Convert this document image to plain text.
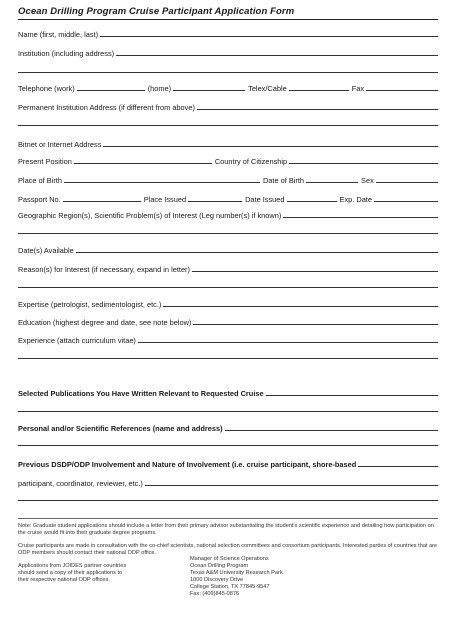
Ocean Drilling Program Cruise Participant Application Form
Name (first, middle, last)
Institution (including address)
Telephone (work)	(home)	Telex/Cable	Fax
Permanent Institution Address (if different from above)
Bitnet or Internet Address
Present Position	Country of Citizenship
Place of Birth	Date of Birth	Sex
Passport No.	Place Issued	Date Issued	Exp. Date
Geographic Region(s), Scientific Problem(s) of Interest (Leg number(s) if known)
Date(s) Available
Reason(s) for Interest (if necessary, expand in letter)
Expertise (petrologist, sedimentologist, etc.)
Education (highest degree and date, see note below)
Experience (attach curriculum vitae)
Selected Publications You Have Written Relevant to Requested Cruise
Personal and/or Scientific References (name and address)
Previous DSDP/ODP Involvement and Nature of Involvement (i.e. cruise participant, shore-based
participant, coordinator, reviewer, etc.)
Note: Graduate student applications should include a letter from their primary advisor substantiating the student's scientific experience and detailing how participation on the cruise would fit into their graduate degree programs.
Cruise participants are made in consultation with the co-chief scientists, national selection committees and consortium participants. Interested parties of countries that are ODP members should contact their national ODP office.
Applications from JOIDES partner countries
should send a copy of their applications to
their respective national ODP offices.
Manager of Science Operations
Ocean Drilling Program
Texas A&M University Research Park
1000 Discovery Drive
College Station, TX 77845-9547
Fax: (409)845-0876
